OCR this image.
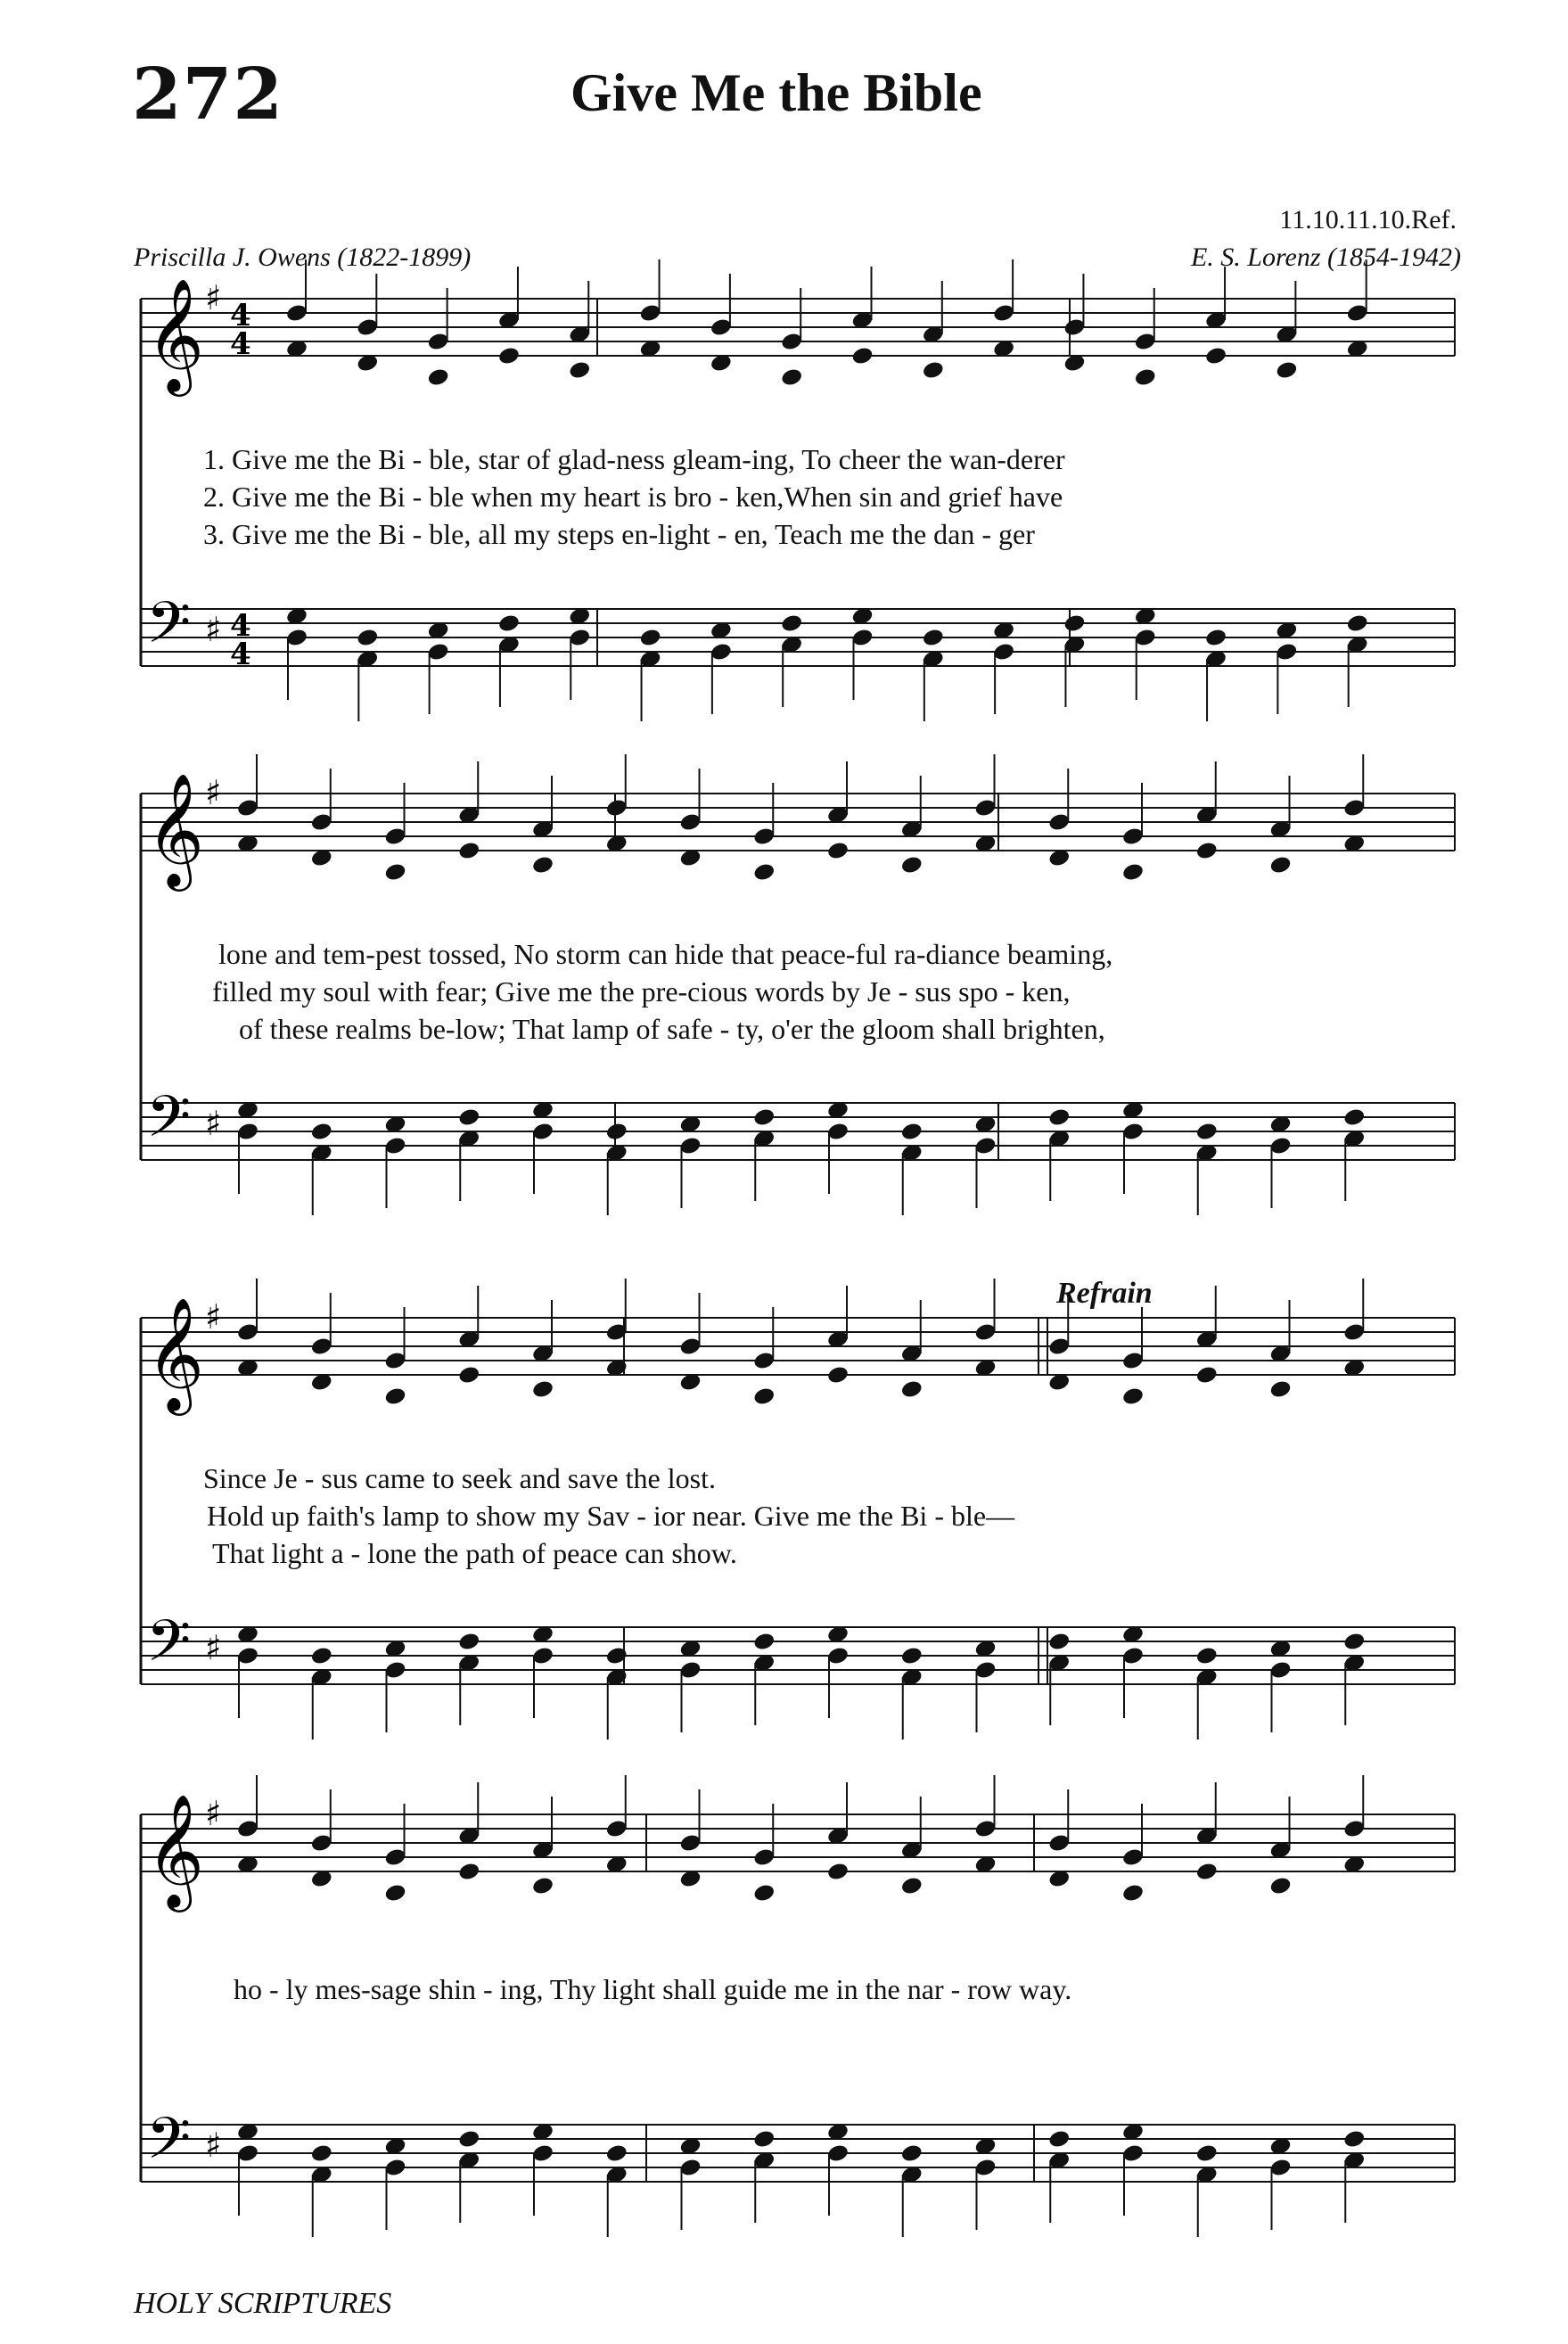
272	Give Me the Bible
11.10.11.10.Ref.
Priscilla J. Owens (1822-1899)	E. S. Lorenz (1854-1942)
Refrain
𝄞 ♯ 4
4
𝄢 ♯ 4
4
𝄞 ♯
𝄢 ♯
𝄞 ♯
𝄢 ♯
𝄞 ♯
𝄢 ♯
1. Give me the Bi - ble, star of glad-ness gleam-ing, To cheer the wan-derer
2. Give me the Bi - ble when my heart is bro - ken,When sin and grief have
3. Give me the Bi - ble, all my steps en-light - en, Teach me the dan - ger
lone and tem-pest tossed, No storm can hide that peace-ful ra-diance beaming,
filled my soul with fear; Give me the pre-cious words by Je - sus spo - ken,
of these realms be-low; That lamp of safe - ty, o'er the gloom shall brighten,
Since Je - sus came to seek and save the lost.
Hold up faith's lamp to show my Sav - ior near. Give me the Bi - ble—
That light a - lone the path of peace can show.
ho - ly mes-sage shin - ing, Thy light shall guide me in the nar - row way.
HOLY SCRIPTURES
